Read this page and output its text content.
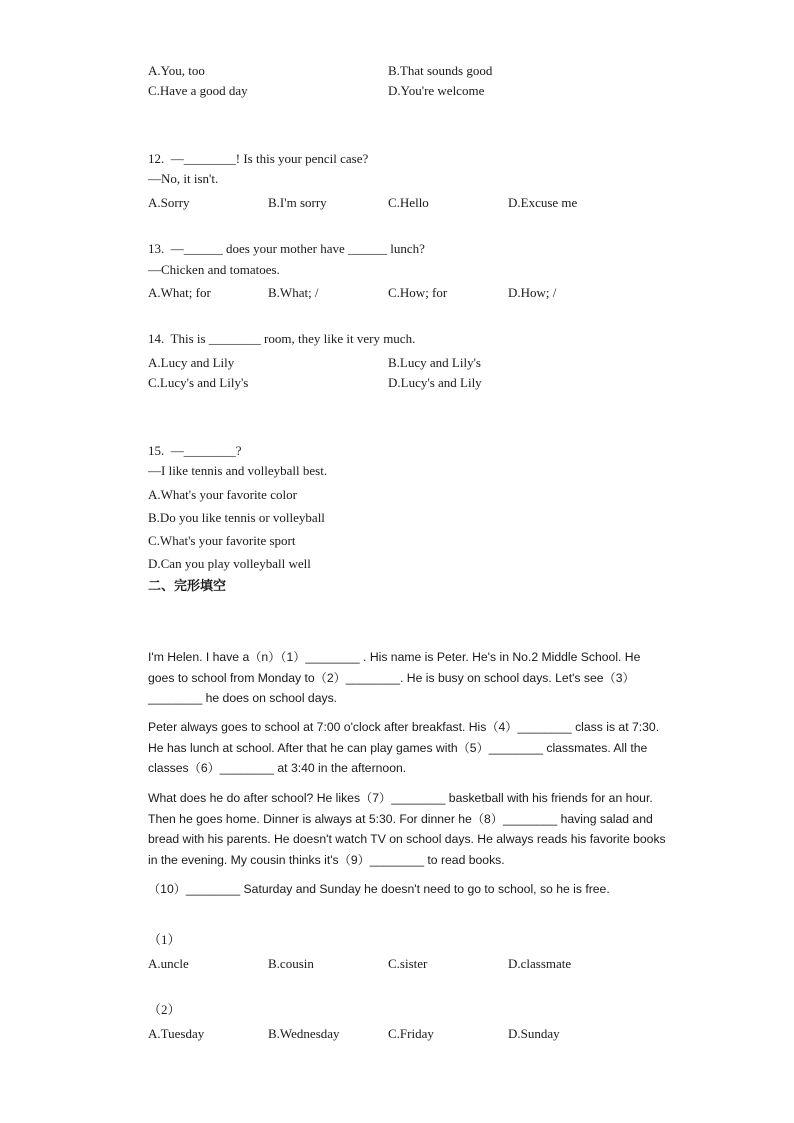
A.You, too	B.That sounds good
C.Have a good day	D.You're welcome
12. —________! Is this your pencil case?
—No, it isn't.
A.Sorry	B.I'm sorry	C.Hello	D.Excuse me
13. —______ does your mother have ______ lunch?
—Chicken and tomatoes.
A.What; for	B.What; /	C.How; for	D.How; /
14. This is ________ room, they like it very much.
A.Lucy and Lily	B.Lucy and Lily's
C.Lucy's and Lily's	D.Lucy's and Lily
15. —________?
—I like tennis and volleyball best.
A.What's your favorite color
B.Do you like tennis or volleyball
C.What's your favorite sport
D.Can you play volleyball well
二、完形填空
I'm Helen. I have a（n）（1）________ . His name is Peter. He's in No.2 Middle School. He goes to school from Monday to（2）________. He is busy on school days. Let's see（3）________ he does on school days.
Peter always goes to school at 7:00 o'clock after breakfast. His（4）________ class is at 7:30. He has lunch at school. After that he can play games with（5）________ classmates. All the classes（6）________ at 3:40 in the afternoon.
What does he do after school? He likes（7）________ basketball with his friends for an hour. Then he goes home. Dinner is always at 5:30. For dinner he（8）________ having salad and bread with his parents. He doesn't watch TV on school days. He always reads his favorite books in the evening. My cousin thinks it's（9）________ to read books.
（10）________ Saturday and Sunday he doesn't need to go to school, so he is free.
（1）
A.uncle	B.cousin	C.sister	D.classmate
（2）
A.Tuesday	B.Wednesday	C.Friday	D.Sunday
